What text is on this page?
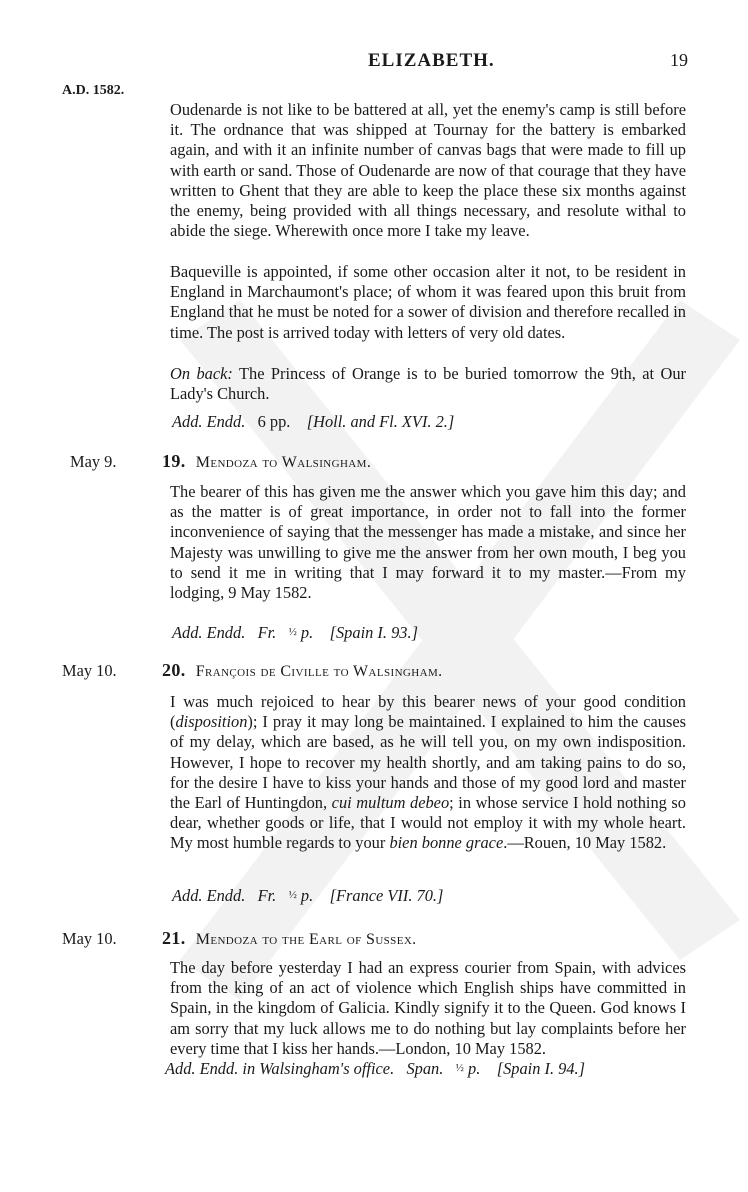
ELIZABETH.	19
A.D. 1582.

Oudenarde is not like to be battered at all, yet the enemy's camp is still before it. The ordnance that was shipped at Tournay for the battery is embarked again, and with it an infinite number of canvas bags that were made to fill up with earth or sand. Those of Oudenarde are now of that courage that they have written to Ghent that they are able to keep the place these six months against the enemy, being provided with all things necessary, and resolute withal to abide the siege. Wherewith once more I take my leave.

Baqueville is appointed, if some other occasion alter it not, to be resident in England in Marchaumont's place; of whom it was feared upon this bruit from England that he must be noted for a sower of division and therefore recalled in time. The post is arrived today with letters of very old dates.

On back: The Princess of Orange is to be buried tomorrow the 9th, at Our Lady's Church.

Add. Endd. 6 pp. [Holl. and Fl. XVI. 2.]
May 9.	19. Mendoza to Walsingham.

The bearer of this has given me the answer which you gave him this day; and as the matter is of great importance, in order not to fall into the former inconvenience of saying that the messenger has made a mistake, and since her Majesty was unwilling to give me the answer from her own mouth, I beg you to send it me in writing that I may forward it to my master.—From my lodging, 9 May 1582.

Add. Endd. Fr. ½ p. [Spain I. 93.]
May 10.	20. François de Civille to Walsingham.

I was much rejoiced to hear by this bearer news of your good condition (disposition); I pray it may long be maintained. I explained to him the causes of my delay, which are based, as he will tell you, on my own indisposition. However, I hope to recover my health shortly, and am taking pains to do so, for the desire I have to kiss your hands and those of my good lord and master the Earl of Huntingdon, cui multum debeo; in whose service I hold nothing so dear, whether goods or life, that I would not employ it with my whole heart. My most humble regards to your bien bonne grace.—Rouen, 10 May 1582.

Add. Endd. Fr. ½ p. [France VII. 70.]
May 10.	21. Mendoza to the Earl of Sussex.

The day before yesterday I had an express courier from Spain, with advices from the king of an act of violence which English ships have committed in Spain, in the kingdom of Galicia. Kindly signify it to the Queen. God knows I am sorry that my luck allows me to do nothing but lay complaints before her every time that I kiss her hands.—London, 10 May 1582.

Add. Endd. in Walsingham's office. Span. ½ p. [Spain I. 94.]
